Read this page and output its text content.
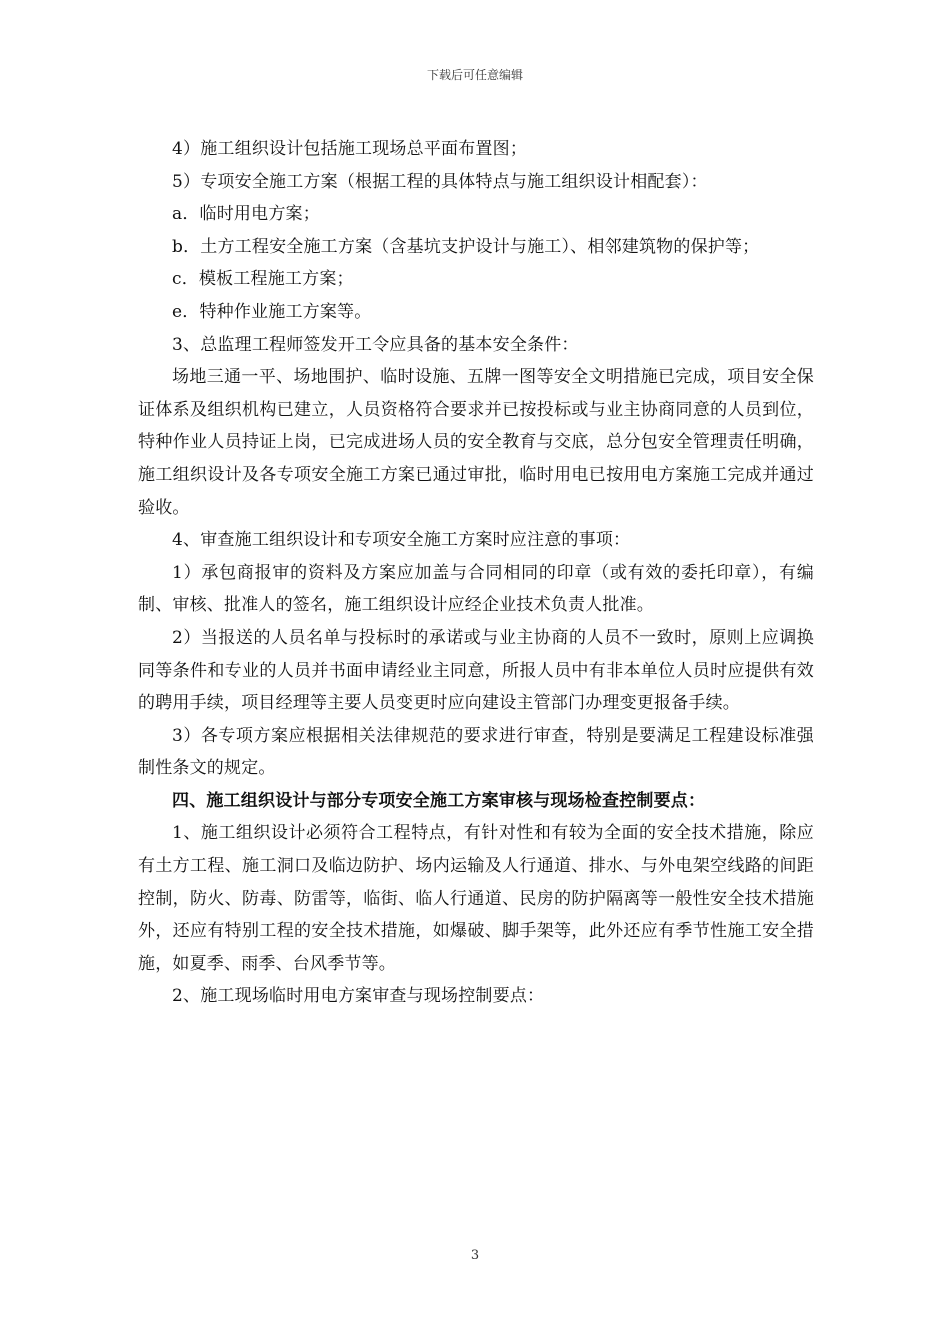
下载后可任意编辑

4）施工组织设计包括施工现场总平面布置图；

5）专项安全施工方案（根据工程的具体特点与施工组织设计相配套）：

a．临时用电方案；

b．土方工程安全施工方案（含基坑支护设计与施工）、相邻建筑物的保护等；

c．模板工程施工方案；

e．特种作业施工方案等。

3、总监理工程师签发开工令应具备的基本安全条件：

场地三通一平、场地围护、临时设施、五牌一图等安全文明措施已完成，项目安全保证体系及组织机构已建立，人员资格符合要求并已按投标或与业主协商同意的人员到位，特种作业人员持证上岗，已完成进场人员的安全教育与交底，总分包安全管理责任明确，施工组织设计及各专项安全施工方案已通过审批，临时用电已按用电方案施工完成并通过验收。

4、审查施工组织设计和专项安全施工方案时应注意的事项：

1）承包商报审的资料及方案应加盖与合同相同的印章（或有效的委托印章），有编制、审核、批准人的签名，施工组织设计应经企业技术负责人批准。

2）当报送的人员名单与投标时的承诺或与业主协商的人员不一致时，原则上应调换同等条件和专业的人员并书面申请经业主同意，所报人员中有非本单位人员时应提供有效的聘用手续，项目经理等主要人员变更时应向建设主管部门办理变更报备手续。

3）各专项方案应根据相关法律规范的要求进行审查，特别是要满足工程建设标准强制性条文的规定。

四、施工组织设计与部分专项安全施工方案审核与现场检查控制要点：

1、施工组织设计必须符合工程特点，有针对性和有较为全面的安全技术措施，除应有土方工程、施工洞口及临边防护、场内运输及人行通道、排水、与外电架空线路的间距控制，防火、防毒、防雷等，临街、临人行通道、民房的防护隔离等一般性安全技术措施外，还应有特别工程的安全技术措施，如爆破、脚手架等，此外还应有季节性施工安全措施，如夏季、雨季、台风季节等。

2、施工现场临时用电方案审查与现场控制要点：

3
